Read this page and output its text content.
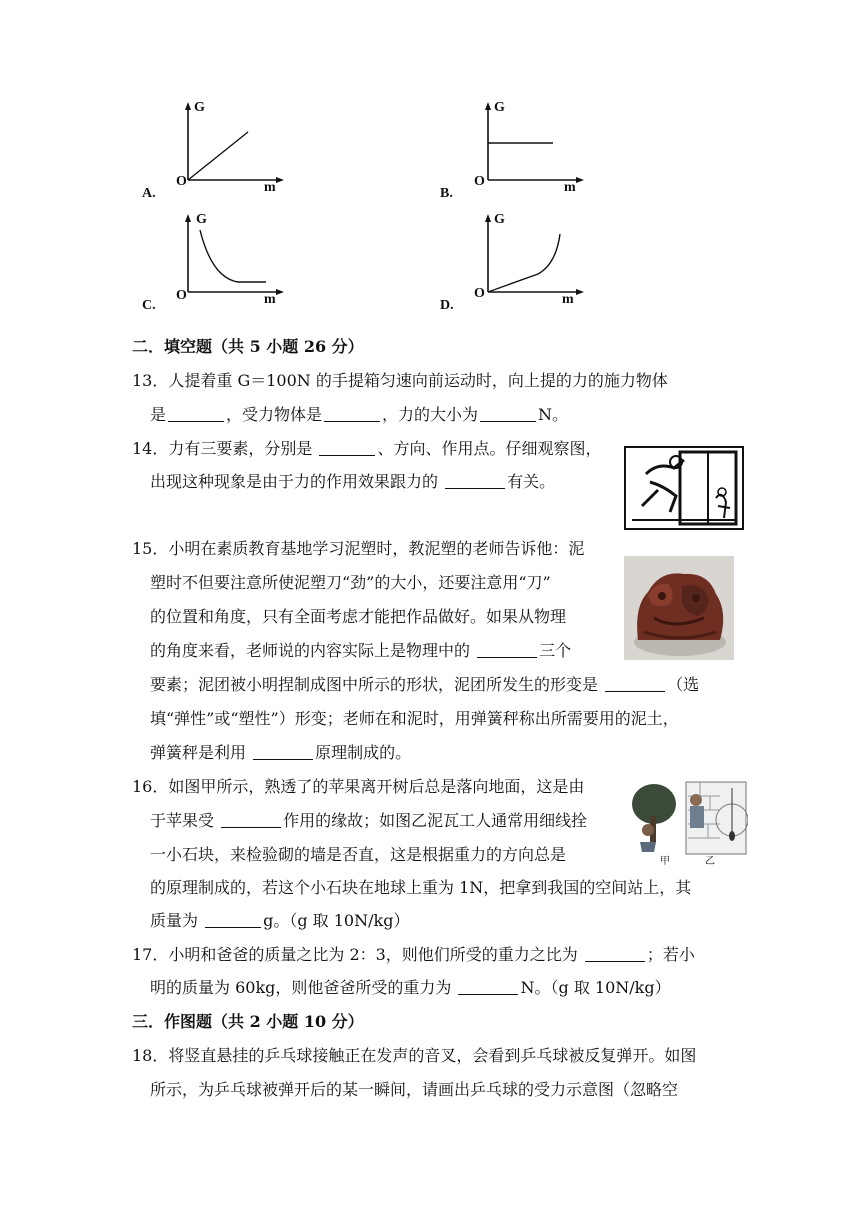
G
O	m
A.
G
O	m
B.
G
O	m
C.
G
O	m
D.
二．填空题（共 5 小题 26 分）
13．人提着重 G＝100N 的手提箱匀速向前运动时，向上提的力的施力物体
是	，受力物体是	，力的大小为	N。
14．力有三要素，分别是	、方向、作用点。仔细观察图，
出现这种现象是由于力的作用效果跟力的	有关。
15．小明在素质教育基地学习泥塑时，教泥塑的老师告诉他：泥
塑时不但要注意所使泥塑刀“劲”的大小，还要注意用“刀”
的位置和角度，只有全面考虑才能把作品做好。如果从物理
的角度来看，老师说的内容实际上是物理中的	三个
要素；泥团被小明捏制成图中所示的形状，泥团所发生的形变是	（选
填“弹性”或“塑性”）形变；老师在和泥时，用弹簧秤称出所需要用的泥土，
弹簧秤是利用	原理制成的。
16．如图甲所示，熟透了的苹果离开树后总是落向地面，这是由
于苹果受	作用的缘故；如图乙泥瓦工人通常用细线拴
一小石块，来检验砌的墙是否直，这是根据重力的方向总是
的原理制成的，若这个小石块在地球上重为 1N，把拿到我国的空间站上，其
质量为	g。（g 取 10N/kg）
甲	乙
17．小明和爸爸的质量之比为 2：3，则他们所受的重力之比为	；若小
明的质量为 60kg，则他爸爸所受的重力为	N。（g 取 10N/kg）
三．作图题（共 2 小题 10 分）
18．将竖直悬挂的乒乓球接触正在发声的音叉，会看到乒乓球被反复弹开。如图
所示，为乒乓球被弹开后的某一瞬间，请画出乒乓球的受力示意图（忽略空
